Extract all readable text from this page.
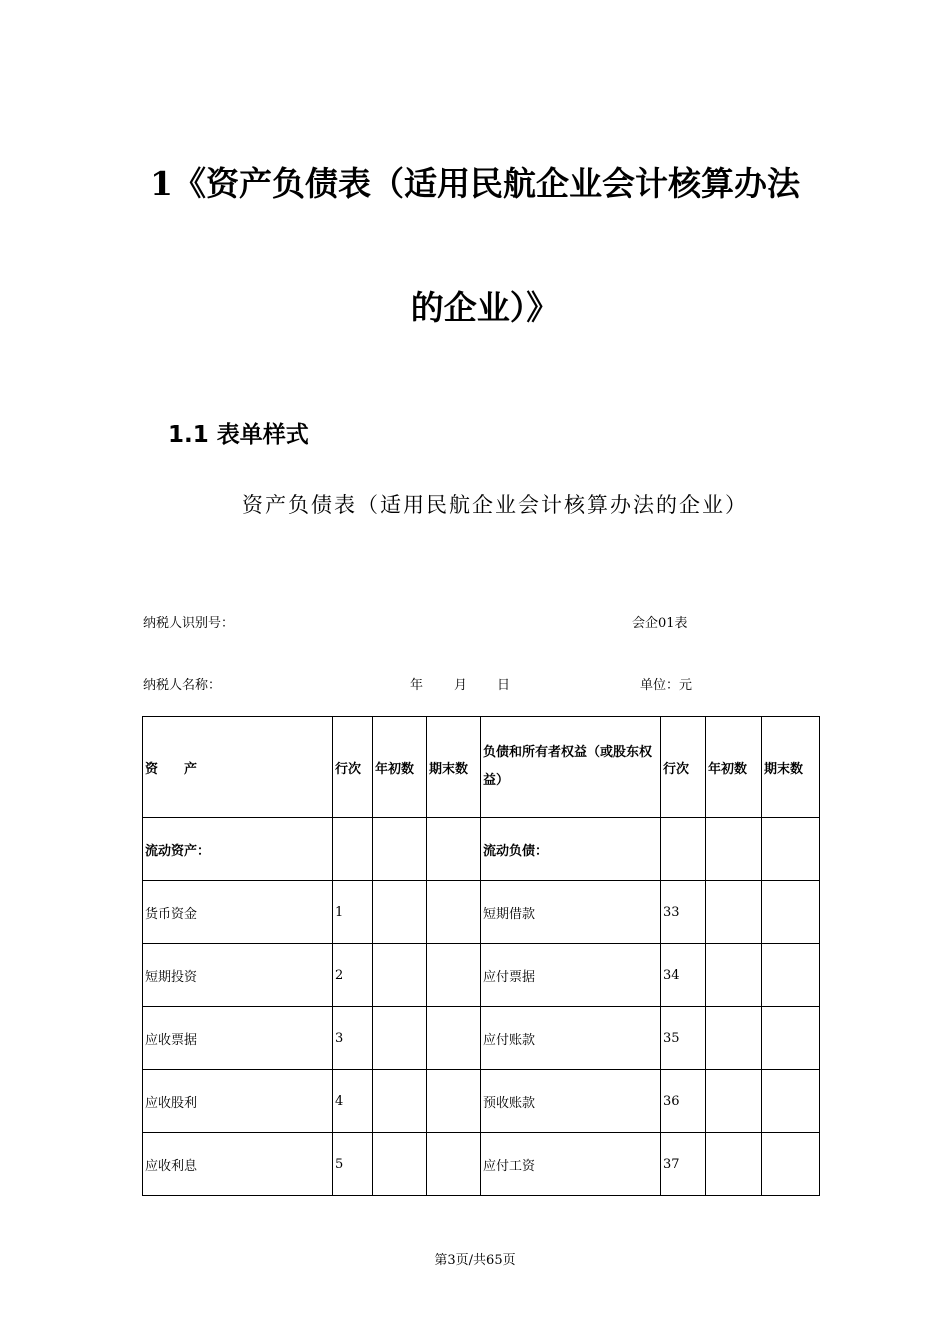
1《资产负债表（适用民航企业会计核算办法
的企业）》
1.1 表单样式
资产负债表（适用民航企业会计核算办法的企业）
纳税人识别号：	会企01表
纳税人名称：	年 月 日	单位：元
资　　产	行次	年初数	期末数	负债和所有者权益（或股东权益）	行次	年初数	期末数
流动资产：				流动负债：			
货币资金	1			短期借款	33		
短期投资	2			应付票据	34		
应收票据	3			应付账款	35		
应收股利	4			预收账款	36		
应收利息	5			应付工资	37		
第3页/共65页
